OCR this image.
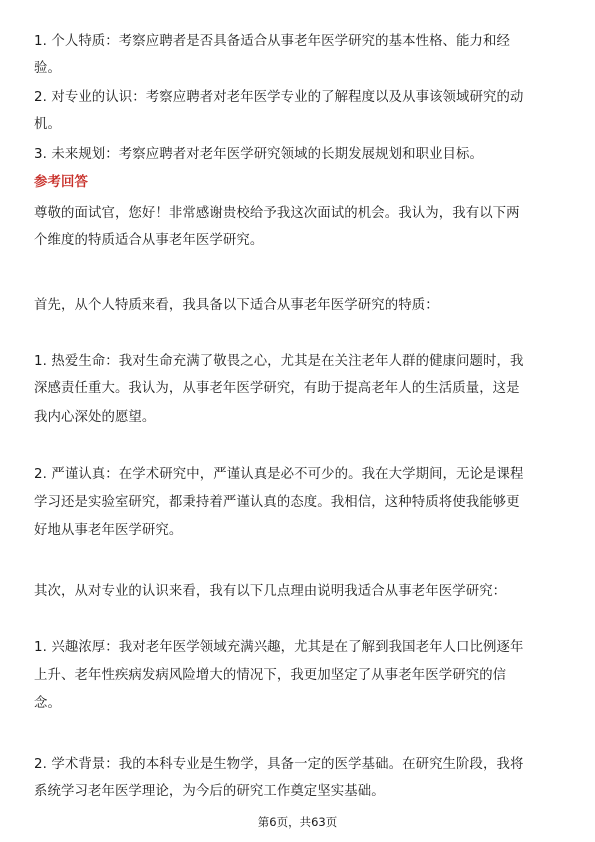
1. 个人特质：考察应聘者是否具备适合从事老年医学研究的基本性格、能力和经
验。
2. 对专业的认识：考察应聘者对老年医学专业的了解程度以及从事该领域研究的动
机。
3. 未来规划：考察应聘者对老年医学研究领域的长期发展规划和职业目标。
参考回答
尊敬的面试官，您好！非常感谢贵校给予我这次面试的机会。我认为，我有以下两
个维度的特质适合从事老年医学研究。
首先，从个人特质来看，我具备以下适合从事老年医学研究的特质：
1. 热爱生命：我对生命充满了敬畏之心，尤其是在关注老年人群的健康问题时，我
深感责任重大。我认为，从事老年医学研究，有助于提高老年人的生活质量，这是
我内心深处的愿望。
2. 严谨认真：在学术研究中，严谨认真是必不可少的。我在大学期间，无论是课程
学习还是实验室研究，都秉持着严谨认真的态度。我相信，这种特质将使我能够更
好地从事老年医学研究。
其次，从对专业的认识来看，我有以下几点理由说明我适合从事老年医学研究：
1. 兴趣浓厚：我对老年医学领域充满兴趣，尤其是在了解到我国老年人口比例逐年
上升、老年性疾病发病风险增大的情况下，我更加坚定了从事老年医学研究的信
念。
2. 学术背景：我的本科专业是生物学，具备一定的医学基础。在研究生阶段，我将
系统学习老年医学理论，为今后的研究工作奠定坚实基础。
第6页，共63页
